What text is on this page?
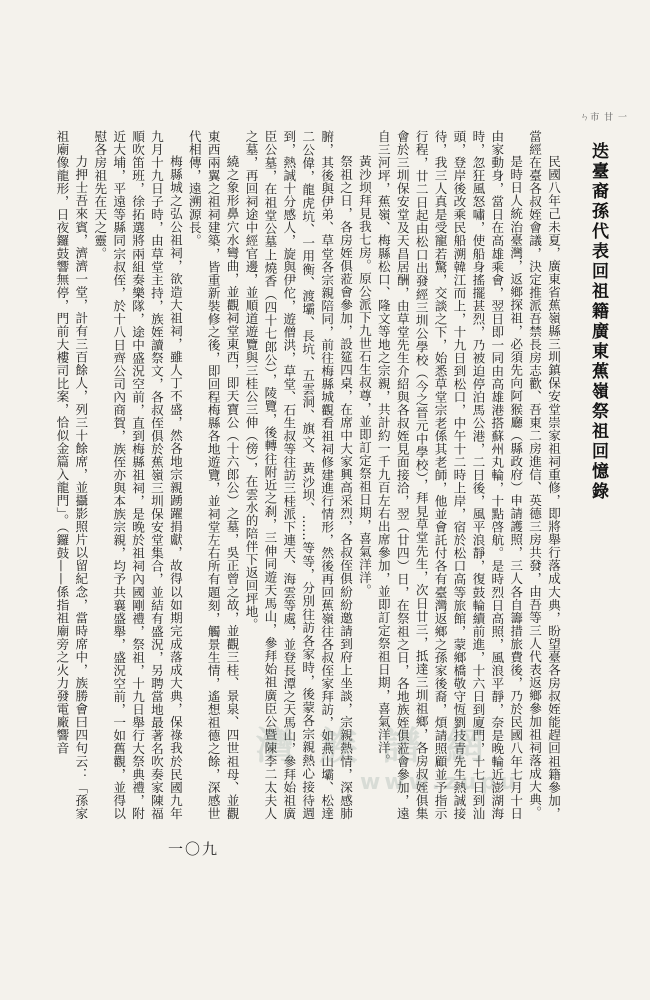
ㄣ市 甘 一
迭臺裔孫代表回祖籍廣東蕉嶺祭祖回憶錄

民國八年己未夏，廣東省蕉嶺縣三圳鎮保安堂崇家祖祠重修，即將舉行落成大典，盼望臺各房叔姪能趕回祖籍參加，當經在臺各叔姪會議，決定推派吾禁長房志歡、吾東二房進信、英德三房共發，由吾等三人代表返鄉參加祖祠落成大典。

是時日人統治臺灣，返鄉探祖，必須先向阿猴廳（縣政府）申請護照，三人各自籌措旅費後，乃於民國八年七月十日由家動身，當日在高雄乘會，翌日即一同由高雄港搭蘇州丸輪，十點啓航。是時烈日高照，風浪平靜，奈是晚輪近澎湖海時，忽狂風怒嘯，使船身搖擺甚烈，乃被迫停泊馬公港，二日後，風平浪靜，復鼓輪續前進，十六日到廈門，十七日到汕頭，登岸後改乘民船溯韓江而上，十九日到松口，中午十二時上岸，宿於松口高等旅館，蒙鄉橋敬守恆劉技青先生熱誠接待，我三人真是受寵若驚，交談之下，始悉草堂宗老係其老師，他並會託付各有臺灣返鄉之孫家後裔，煩請照顧並予指示行程，廿二日起由松口出發經三圳公學校（今之晉元中學校），拜見草堂先生，次日廿三，抵達三圳祖鄉，各房叔姪俱集會於三圳保安堂及天昌居酬，由草堂先生介紹與各叔姪見面接洽，翌（廿四）日，在祭祖之日，各地族姪俱蒞會參加，遠自三河坪，蕉嶺、梅縣松口、隆文等地之宗親，共計約一千九百左右出席參加，並即訂定祭祖日期，喜氣洋洋。

黃沙坝拜見我七房。原公派下九世石生叔尊，並即訂定祭祖日期，喜氣洋洋。

祭祖之日，各房姪俱蒞會參加，設筵四桌，在席中大家興高采烈，各叔侄俱紛紛邀請到府上坐談，宗親熱情，深感肺腑，其後與伊弟、草堂各宗親陪同，前往梅縣城觀看祖祠修建進行情形，然後再回蕉嶺往各叔侄家拜訪，如燕山壩、松達二公偉，龍虎坑、一用衡、渡壩、長坑、五雲洞、旗文、黃沙坝、……等等，分別往訪各家時，後蒙各宗親熱心接待週到，熱誠十分感人，旋與伊佗，遊僧洪，草堂、石生叔等往訪三桂派下連天、海雲等處，並登長潭之天馬山，參拜始祖廣臣公墓，在祖堂公墓上燒香（四十七郎公），陵覽，後轉往附近之刹，三伸同遊天馬山，參拜始祖廣臣公暨陳李二太夫人之墓，再回祠途中經官邊，並順道遊覽與三桂公三伸（傍），在雲水的陪伴下返回坪地。

繞之象形鼻穴水彎曲，並觀祠堂東西，即天寶公（十六郎公）之墓，吳正曾之故，並觀三桂、景泉、四世祖母、並觀東西兩翼之祖祠建築，皆重新裝修之後，即回程梅縣各地遊覽，並祠堂左右所有題刻，觸景生情，遙想祖德之餘，深感世代相傳，遠溯源長。

梅縣城之弘公祖祠，欲造大祖祠，雖人丁不盛，然各地宗親踴躍捐獻，故得以如期完成落成大典，保祿我於民國九年九月十九日子時，由草堂主持，族姪讀祭文，各叔侄俱於蕉嶺三圳保安堂集合，並結有盛況，另聘當地最著名吹奏家陳福順吹笛班，徐拓選將兩組奏樂隊，途中盛況空前，直到梅縣祖祠，是晚於祖祠內國剛禮，祭祖，十九日舉行大祭典禮，附近大埔，平遠等縣同宗叔侄，於十八日齊公司內商賀，族侄亦與本族宗親，均予共襄盛舉，盛況空前，一如舊觀，並得以慰各房祖先在天之靈。

力押士吾來賓，濟濟一堂，計有三百餘人，列三十餘席，並攝影照片以留紀念，當時席中，族勝會曰四句云：「孫家祖廟像龍形，日夜鑼鼓響無停，門前大樓司比案，恰似金篇入龍門」。（鑼鼓——係指祖廟旁之火力發電廠響音	灣 族 譜 網
www.zupu
一〇九
